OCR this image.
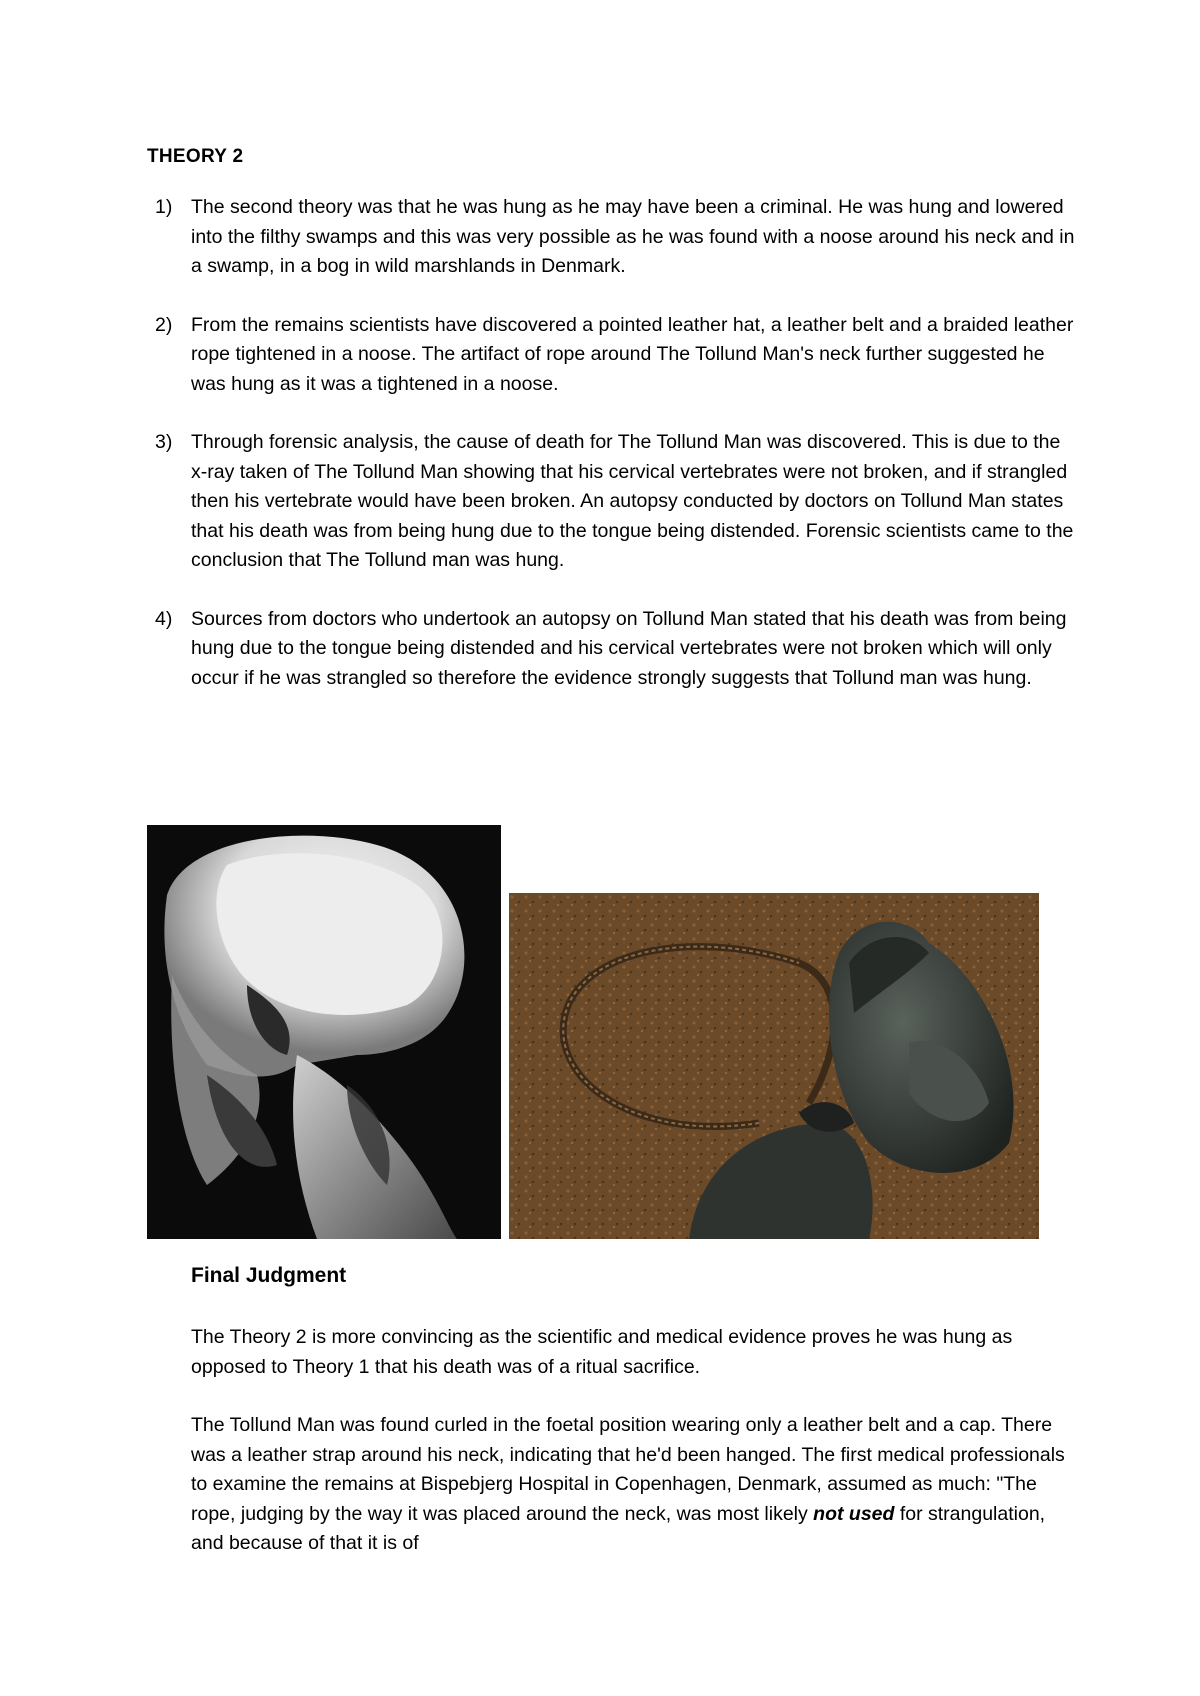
THEORY 2
1) The second theory was that he was hung as he may have been a criminal. He was hung and lowered into the filthy swamps and this was very possible as he was found with a noose around his neck and in a swamp, in a bog in wild marshlands in Denmark.
2) From the remains scientists have discovered a pointed leather hat, a leather belt and a braided leather rope tightened in a noose. The artifact of rope around The Tollund Man's neck further suggested he was hung as it was a tightened in a noose.
3) Through forensic analysis, the cause of death for The Tollund Man was discovered. This is due to the x-ray taken of The Tollund Man showing that his cervical vertebrates were not broken, and if strangled then his vertebrate would have been broken. An autopsy conducted by doctors on Tollund Man states that his death was from being hung due to the tongue being distended. Forensic scientists came to the conclusion that The Tollund man was hung.
4) Sources from doctors who undertook an autopsy on Tollund Man stated that his death was from being hung due to the tongue being distended and his cervical vertebrates were not broken which will only occur if he was strangled so therefore the evidence strongly suggests that Tollund man was hung.
Final Judgment

The Theory 2 is more convincing as the scientific and medical evidence proves he was hung as opposed to Theory 1 that his death was of a ritual sacrifice.

The Tollund Man was found curled in the foetal position wearing only a leather belt and a cap. There was a leather strap around his neck, indicating that he'd been hanged. The first medical professionals to examine the remains at Bispebjerg Hospital in Copenhagen, Denmark, assumed as much: "The rope, judging by the way it was placed around the neck, was most likely not used for strangulation, and because of that it is of
